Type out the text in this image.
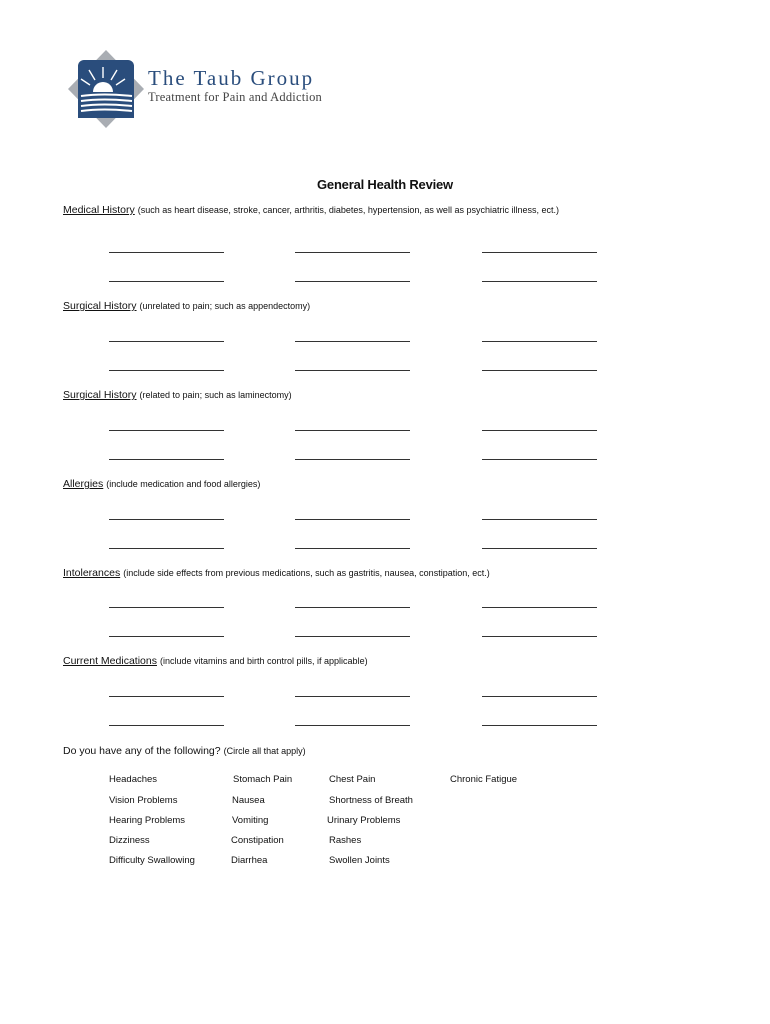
The Taub Group
Treatment for Pain and Addiction
General Health Review
Medical History (such as heart disease, stroke, cancer, arthritis, diabetes, hypertension, as well as psychiatric illness, ect.)
Surgical History (unrelated to pain; such as appendectomy)
Surgical History (related to pain; such as laminectomy)
Allergies (include medication and food allergies)
Intolerances (include side effects from previous medications, such as gastritis, nausea, constipation, ect.)
Current Medications (include vitamins and birth control pills, if applicable)
Do you have any of the following? (Circle all that apply)
Headaches	Stomach Pain	Chest Pain	Chronic Fatigue
Vision Problems	Nausea	Shortness of Breath
Hearing Problems	Vomiting	Urinary Problems
Dizziness	Constipation	Rashes
Difficulty Swallowing	Diarrhea	Swollen Joints
